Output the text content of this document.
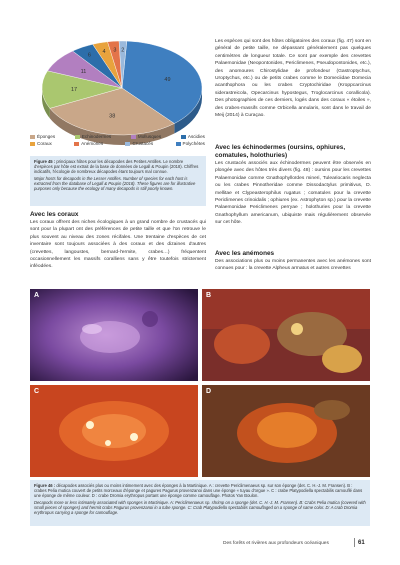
49
38
17
11
6
4 3 2
Éponges	Echinodermes	Mollusques	Ascidies
Coraux	Anémones	Crustacés	Polychètes

Figure 45 : principaux hôtes pour les décapodes des Petites Antilles. Le nombre d'espèces par hôte est extrait de la base de données de Legall & Poupin (2018). Chiffres indicatifs, l'écologie de nombreux décapodes étant toujours mal connue.

Major hosts for decapods in the Lesser Antilles. Number of species for each host is extracted from the database of Legall & Poupin (2018). These figures are for illustrative purposes only because the ecology of many decapods is still poorly known.

Avec les coraux
Les coraux offrent des niches écologiques à un grand nombre de crustacés qui sont pour la plupart ont des préférences de petite taille et que l'on retrouve le plus souvent au niveau des zones récifales. Une trentaine d'espèces de cet inventaire sont toujours associées à des coraux et des dizaines d'autres (crevettes, langoustes, bernard-l'ermite, crabes…) fréquentent occasionnellement les massifs coralliens sans y être toutefois strictement inféodées.
Les espèces qui sont des hôtes obligatoires des coraux (fig. 47) sont en général de petite taille, ne dépassant généralement pas quelques centimètres de longueur totale. Ce sont par exemple des crevettes Palaemonidae (Neopontonides, Periclimenes, Pseudopontonides, etc.), des anomoures Chirostylidae de profondeur (Gastroptychus, Uroptychus, etc.) ou de petits crabes comme le Domeciidae Domecia acanthophora ou les crabes Cryptochiridae (Kroppcarcinus siderastreicola, Opecarcinus hypostegus, Troglocarcinus corallicola). Des photographies de ces derniers, logés dans des coraux « étoiles », des crabes-massifs comme Orbicella annularis, sont dans le travail de Meij (2014) à Curaçao.
Avec les échinodermes (oursins, ophiures, comatules, holothuries)
Les crustacés associés aux échinodermes peuvent être observés en plongée avec des hôtes très divers (fig. 48) : oursins pour les crevettes Palaemonidae comme Gnathophylloïdes mineri, Tuleariocaris neglecta ou les crabes Pinnotheridae comme Dissodactylus primitivus, D. mellitae et Clypeasterophilus rugatus ; comatules pour la crevette Periclimenes crinoidalis ; ophiures (ex. Astrophyton sp.) pour la crevette Palaemonidae Periclimenes perryae ; holothuries pour la crevette Gnathophyllum americanum, ubiquiste mais régulièrement observée sur cet hôte.
Avec les anémones
Des associations plus ou moins permanentes avec les anémones sont connues pour : la crevette Alpheus armatus et autres crevettes
A	B
C	D

Figure 46 : décapodes associés plus ou moins intimement avec des éponges à la Martinique. A : crevette Periclimenaeus sp. sur son éponge (det. C. H.-J. M. Fransen). B : crabes Pelia mutica couvert de petits morceaux d'éponge et pagures Pagurus provenzanoi dans une éponge « tuyau d'orgue ». C : crabe Platypodiella spectabilis camouflé dans une éponge de même couleur. D : crabe Dromia erythropus portant une éponge comme camouflage. Photos Yan Boulon.

Decapods more or less intimately associated with sponges in Martinique. A: Periclimenaeus sp. shrimp on a sponge (det. C. H.-J. M. Fransen). B: Crabs Pelia mutica (covered with small pieces of sponges) and hermit crabs Pagurus provenzanoi in a tube sponge. C: Crab Platypodiella spectabilis camouflaged on a sponge of same color. D: A crab Dromia erythropus carrying a sponge for camouflage.

Des forêts et rivières aux profondeurs océaniques	61
